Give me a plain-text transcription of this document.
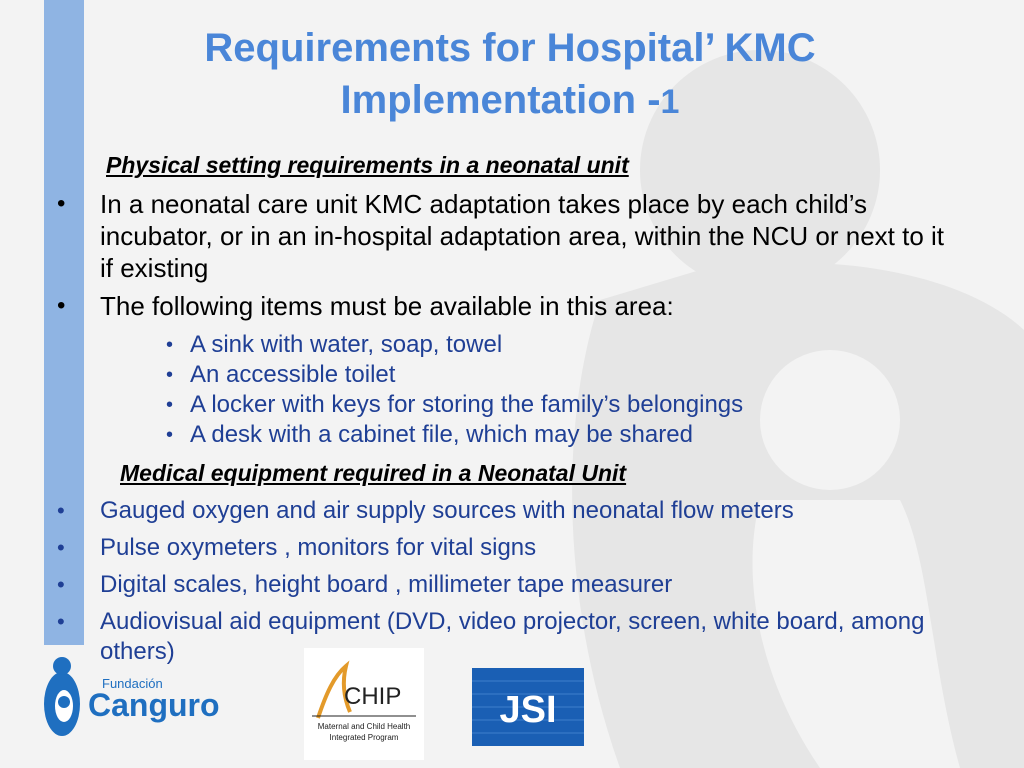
Requirements for Hospital’ KMC
Implementation -1
Physical setting requirements in a neonatal unit
• In a neonatal care unit KMC adaptation takes place by each child’s incubator, or in an in-hospital adaptation area, within the NCU or next to it if existing
• The following items must be available in this area:
• A sink with water, soap, towel
• An accessible toilet
• A locker with keys for storing the family’s belongings
• A desk with a cabinet file, which may be shared
Medical equipment required in a Neonatal Unit
• Gauged oxygen and air supply sources with neonatal flow meters
• Pulse oxymeters , monitors for vital signs
• Digital scales, height board , millimeter tape measurer
• Audiovisual aid equipment (DVD, video projector, screen, white board, among others)
Fundación
Canguro	CHIP
Maternal and Child Health
Integrated Program
JSI
